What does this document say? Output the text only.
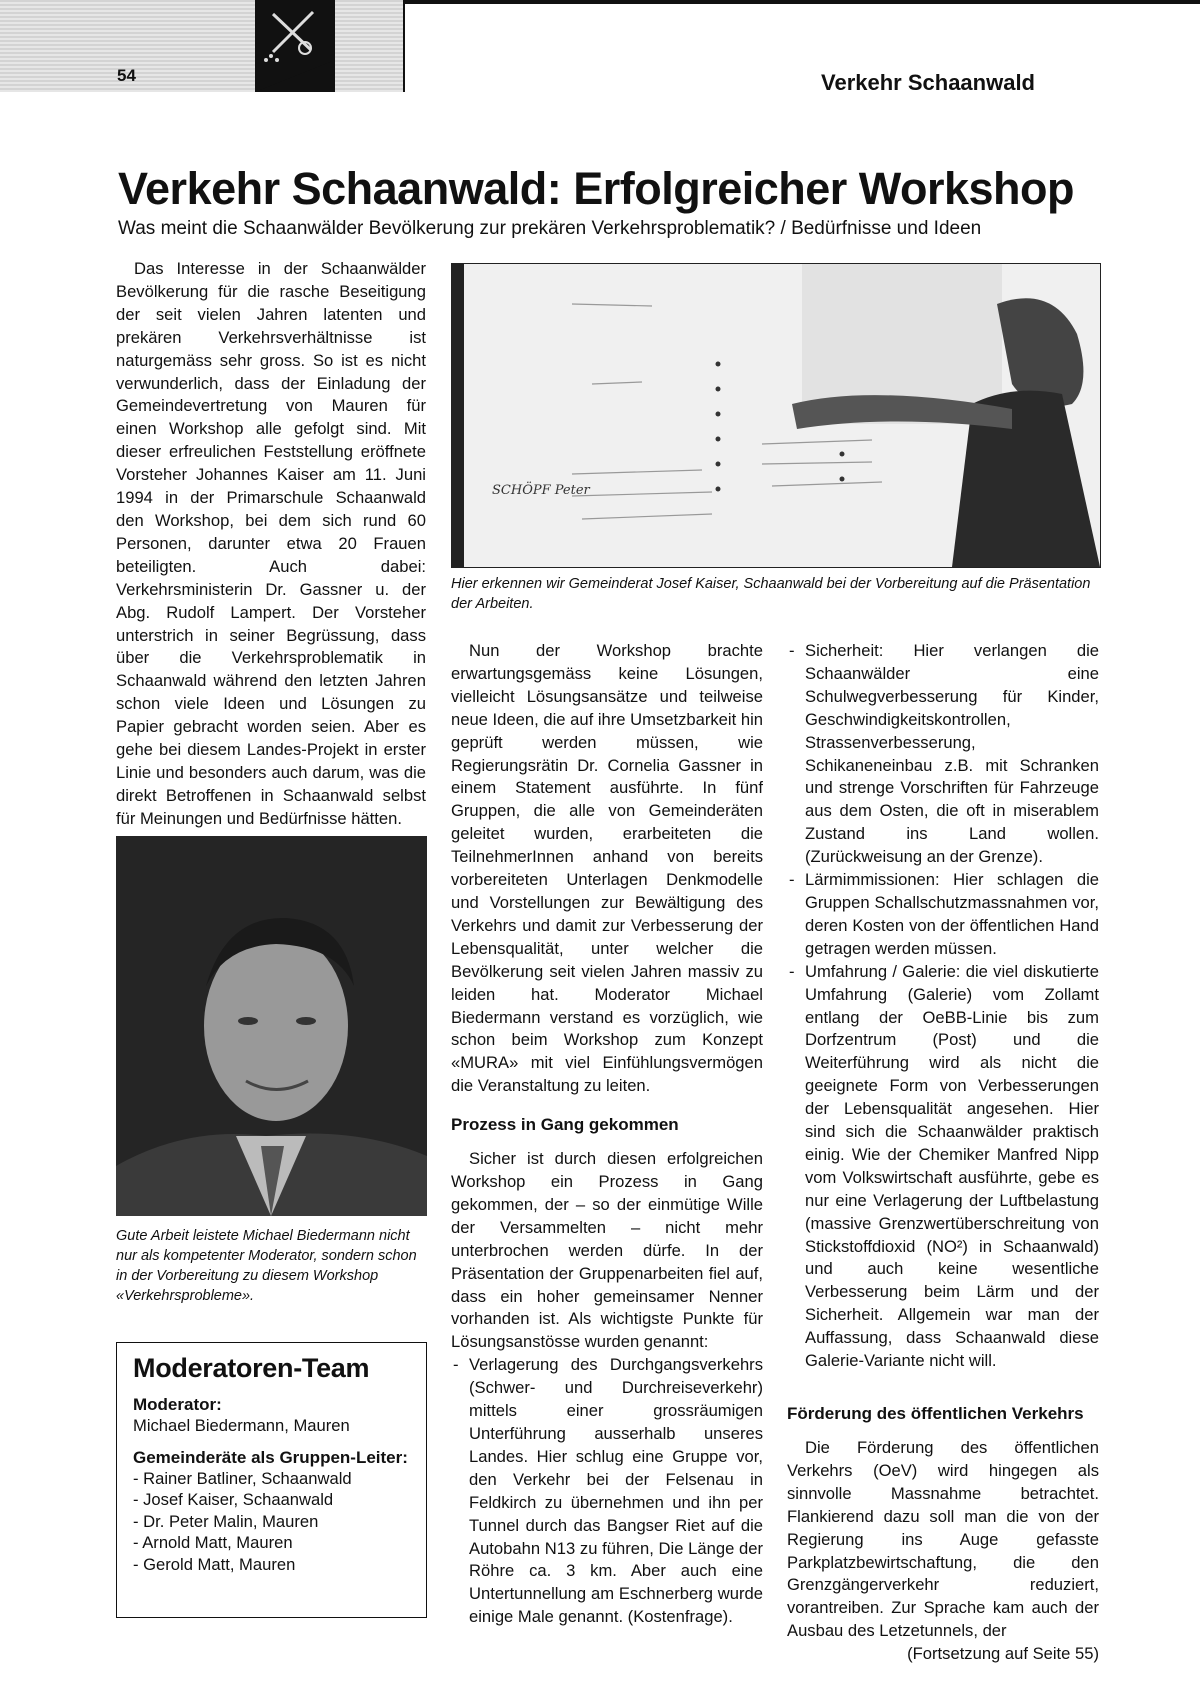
54	Verkehr Schaanwald
Verkehr Schaanwald: Erfolgreicher Workshop
Was meint die Schaanwälder Bevölkerung zur prekären Verkehrsproblematik? / Bedürfnisse und Ideen

Das Interesse in der Schaanwälder Bevölkerung für die rasche Beseitigung der seit vielen Jahren latenten und prekären Verkehrsverhältnisse ist naturgemäss sehr gross. So ist es nicht verwunderlich, dass der Einladung der Gemeindevertretung von Mauren für einen Workshop alle gefolgt sind. Mit dieser erfreulichen Feststellung eröffnete Vorsteher Johannes Kaiser am 11. Juni 1994 in der Primarschule Schaanwald den Workshop, bei dem sich rund 60 Personen, darunter etwa 20 Frauen beteiligten. Auch dabei: Verkehrsministerin Dr. Gassner u. der Abg. Rudolf Lampert. Der Vorsteher unterstrich in seiner Begrüssung, dass über die Verkehrsproblematik in Schaanwald während den letzten Jahren schon viele Ideen und Lösungen zu Papier gebracht worden seien. Aber es gehe bei diesem Landes-Projekt in erster Linie und besonders auch darum, was die direkt Betroffenen in Schaanwald selbst für Meinungen und Bedürfnisse hätten.

SCHÖPF Peter
Hier erkennen wir Gemeinderat Josef Kaiser, Schaanwald bei der Vorbereitung auf die Präsentation der Arbeiten.
Gute Arbeit leistete Michael Biedermann nicht nur als kompetenter Moderator, sondern schon in der Vorbereitung zu diesem Workshop «Verkehrsprobleme».

Nun der Workshop brachte erwartungsgemäss keine Lösungen, vielleicht Lösungsansätze und teilweise neue Ideen, die auf ihre Umsetzbarkeit hin geprüft werden müssen, wie Regierungsrätin Dr. Cornelia Gassner in einem Statement ausführte. In fünf Gruppen, die alle von Gemeinderäten geleitet wurden, erarbeiteten die TeilnehmerInnen anhand von bereits vorbereiteten Unterlagen Denkmodelle und Vorstellungen zur Bewältigung des Verkehrs und damit zur Verbesserung der Lebensqualität, unter welcher die Bevölkerung seit vielen Jahren massiv zu leiden hat. Moderator Michael Biedermann verstand es vorzüglich, wie schon beim Workshop zum Konzept «MURA» mit viel Einfühlungsvermögen die Veranstaltung zu leiten.

Prozess in Gang gekommen

Sicher ist durch diesen erfolgreichen Workshop ein Prozess in Gang gekommen, der – so der einmütige Wille der Versammelten – nicht mehr unterbrochen werden dürfe. In der Präsentation der Gruppenarbeiten fiel auf, dass ein hoher gemeinsamer Nenner vorhanden ist. Als wichtigste Punkte für Lösungsanstösse wurden genannt:

- Verlagerung des Durchgangsverkehrs (Schwer- und Durchreiseverkehr) mittels einer grossräumigen Unterführung ausserhalb unseres Landes. Hier schlug eine Gruppe vor, den Verkehr bei der Felsenau in Feldkirch zu übernehmen und ihn per Tunnel durch das Bangser Riet auf die Autobahn N13 zu führen, Die Länge der Röhre ca. 3 km. Aber auch eine Untertunnellung am Eschnerberg wurde einige Male genannt. (Kostenfrage).
- Sicherheit: Hier verlangen die Schaanwälder eine Schulwegverbesserung für Kinder, Geschwindigkeitskontrollen, Strassenverbesserung, Schikaneneinbau z.B. mit Schranken und strenge Vorschriften für Fahrzeuge aus dem Osten, die oft in miserablem Zustand ins Land wollen. (Zurückweisung an der Grenze).
- Lärmimmissionen: Hier schlagen die Gruppen Schallschutzmassnahmen vor, deren Kosten von der öffentlichen Hand getragen werden müssen.
- Umfahrung / Galerie: die viel diskutierte Umfahrung (Galerie) vom Zollamt entlang der OeBB-Linie bis zum Dorfzentrum (Post) und die Weiterführung wird als nicht die geeignete Form von Verbesserungen der Lebensqualität angesehen. Hier sind sich die Schaanwälder praktisch einig. Wie der Chemiker Manfred Nipp vom Volkswirtschaft ausführte, gebe es nur eine Verlagerung der Luftbelastung (massive Grenzwertüberschreitung von Stickstoffdioxid (NO²) in Schaanwald) und auch keine wesentliche Verbesserung beim Lärm und der Sicherheit. Allgemein war man der Auffassung, dass Schaanwald diese Galerie-Variante nicht will.
Förderung des öffentlichen Verkehrs

Die Förderung des öffentlichen Verkehrs (OeV) wird hingegen als sinnvolle Massnahme betrachtet. Flankierend dazu soll man die von der Regierung ins Auge gefasste Parkplatzbewirtschaftung, die den Grenzgängerverkehr reduziert, vorantreiben. Zur Sprache kam auch der Ausbau des Letzetunnels, der

(Fortsetzung auf Seite 55)

Moderatoren-Team
Moderator:
Michael Biedermann, Mauren
Gemeinderäte als Gruppen-Leiter:
- Rainer Batliner, Schaanwald
- Josef Kaiser, Schaanwald
- Dr. Peter Malin, Mauren
- Arnold Matt, Mauren
- Gerold Matt, Mauren
